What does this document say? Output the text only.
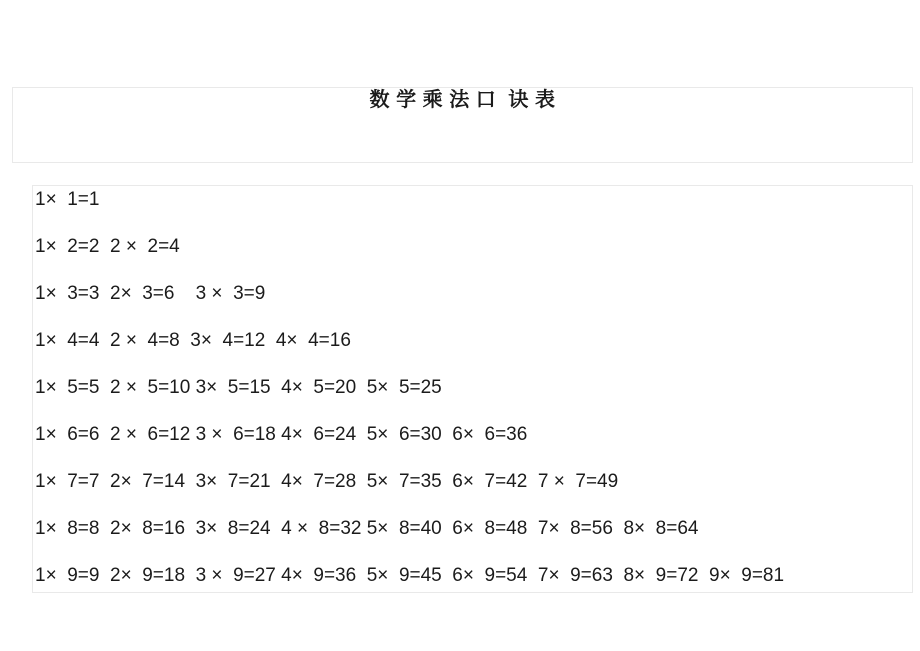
数 学 乘 法 口  诀 表
1×  1=1
1×  2=2  2 ×  2=4
1×  3=3  2×  3=6    3 ×  3=9
1×  4=4  2 ×  4=8  3×  4=12  4×  4=16
1×  5=5  2 ×  5=10 3×  5=15  4×  5=20  5×  5=25
1×  6=6  2 ×  6=12 3 ×  6=18 4×  6=24  5×  6=30  6×  6=36
1×  7=7  2×  7=14  3×  7=21  4×  7=28  5×  7=35  6×  7=42  7 ×  7=49
1×  8=8  2×  8=16  3×  8=24  4 ×  8=32 5×  8=40  6×  8=48  7×  8=56  8×  8=64
1×  9=9  2×  9=18  3 ×  9=27 4×  9=36  5×  9=45  6×  9=54  7×  9=63  8×  9=72  9×  9=81
